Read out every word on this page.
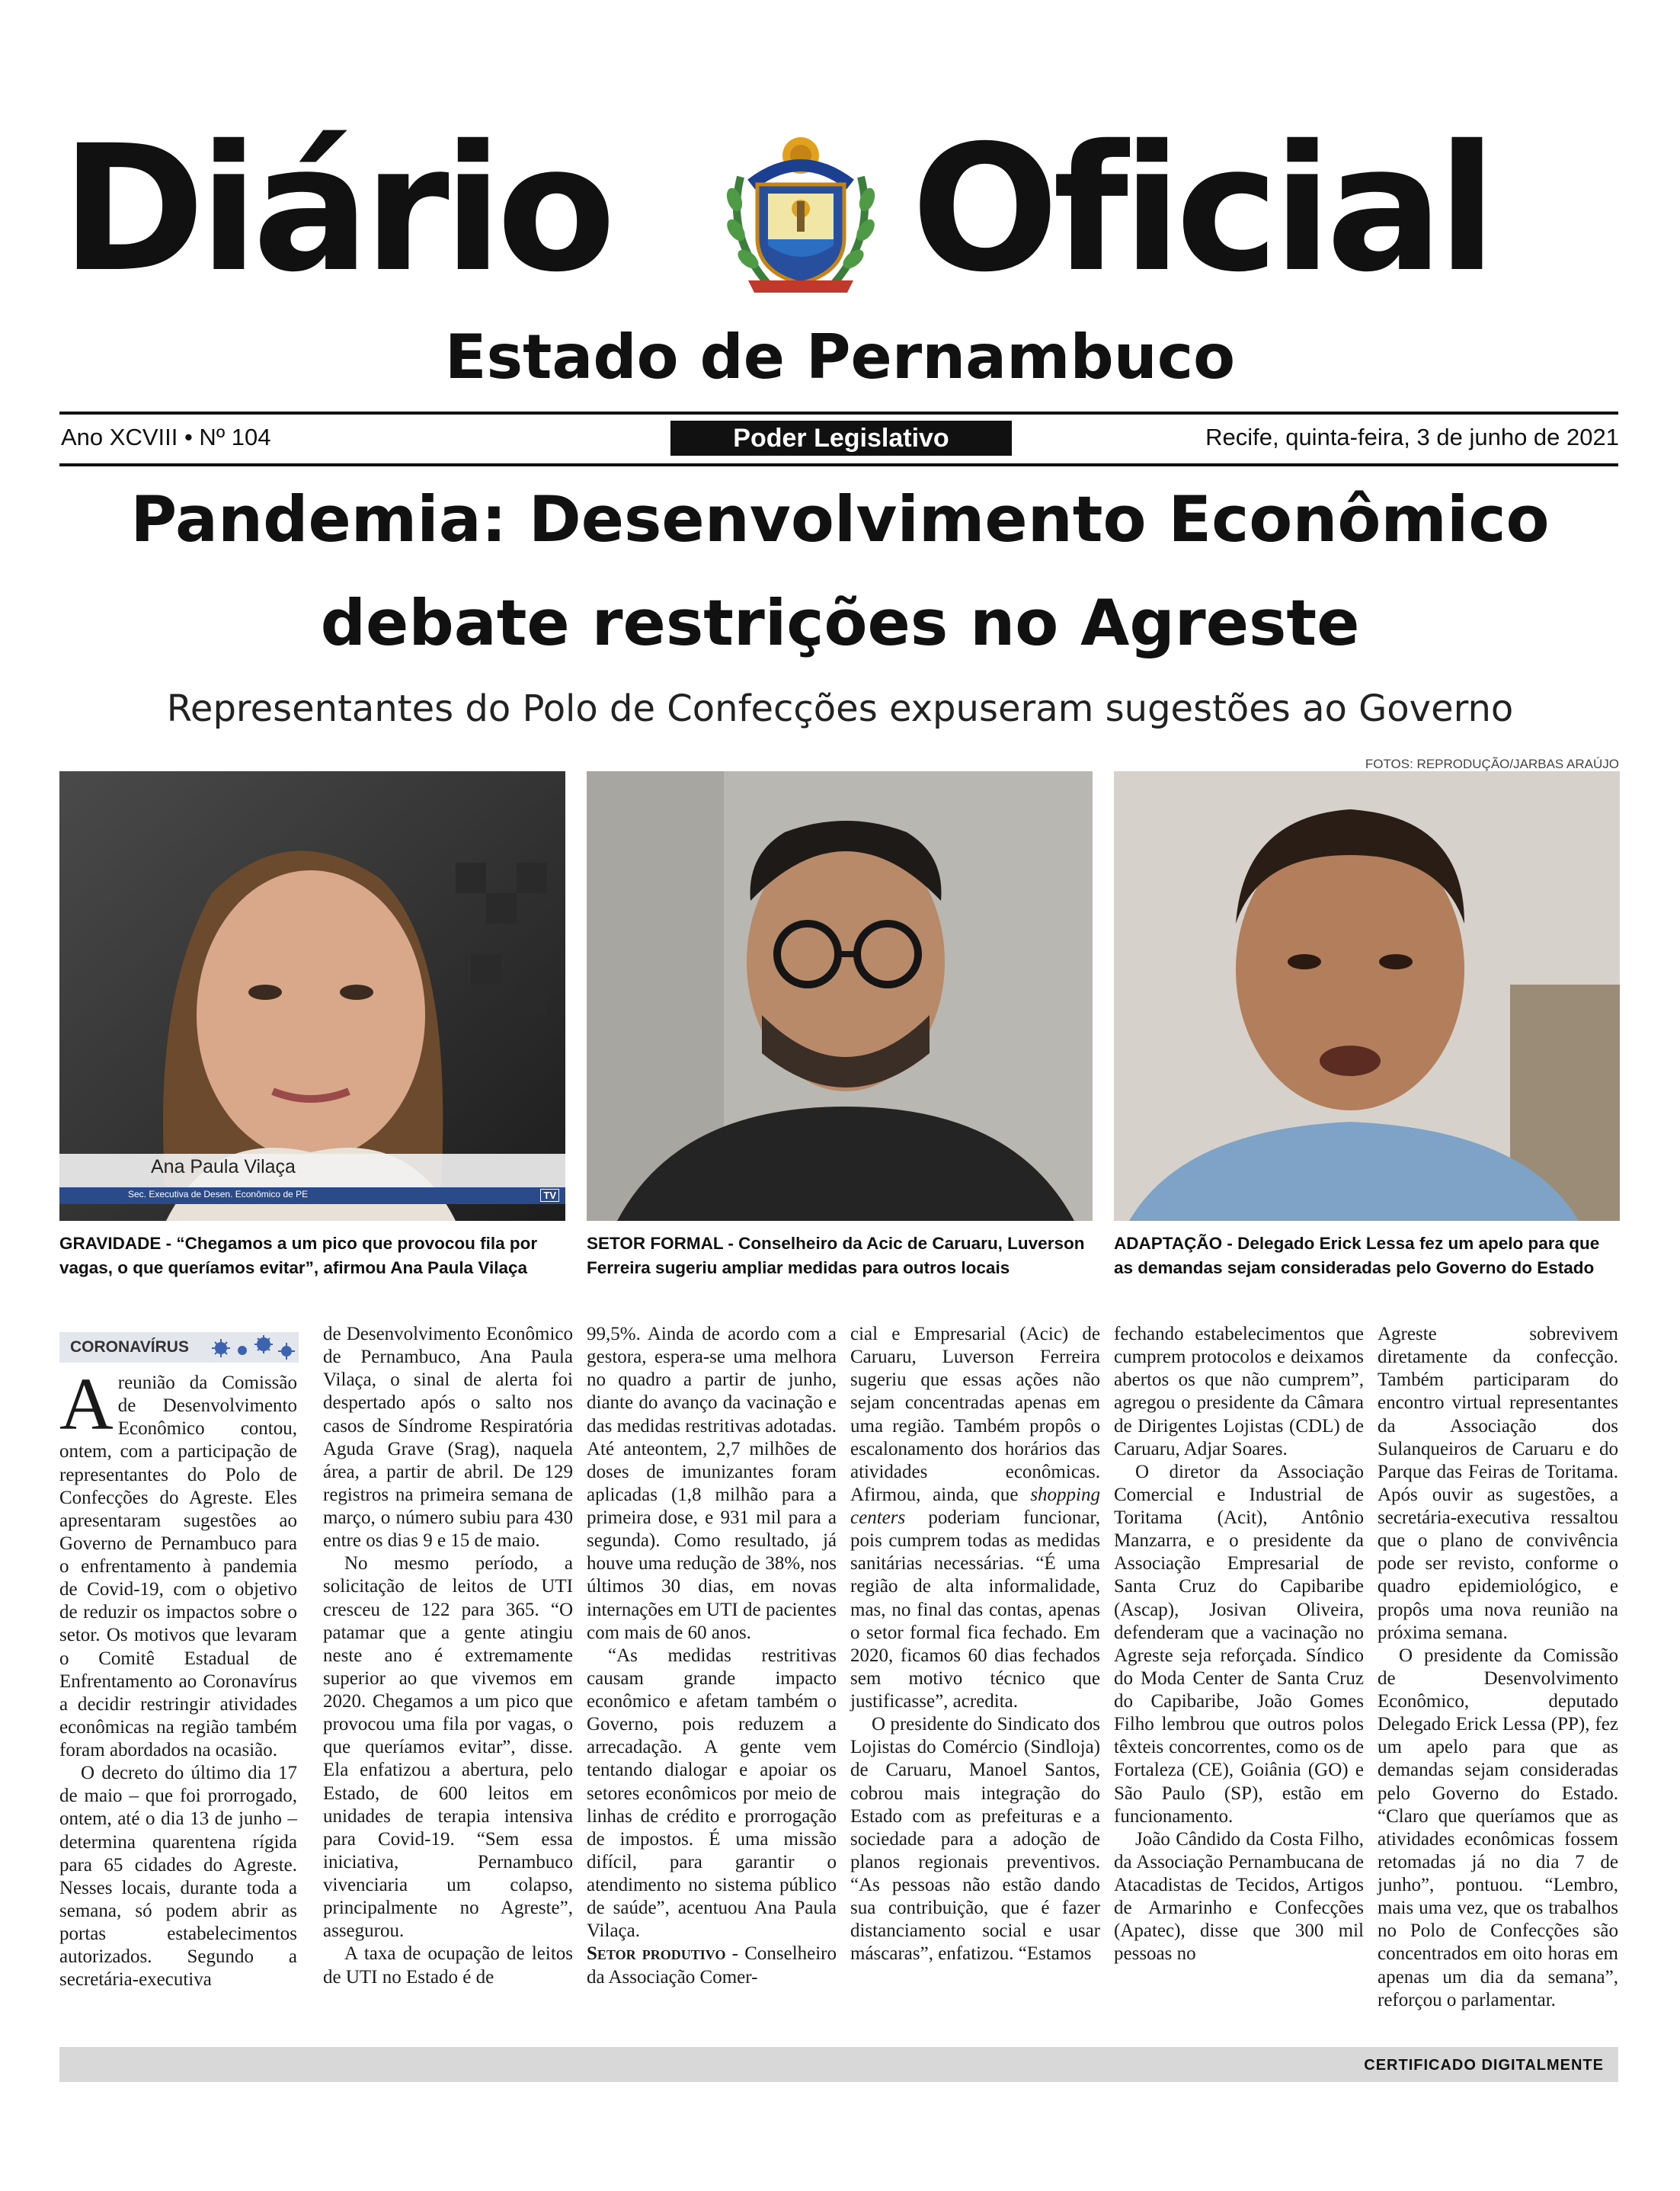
Diário Oficial
Estado de Pernambuco
Ano XCVIII • Nº 104	Poder Legislativo	Recife, quinta-feira, 3 de junho de 2021
Pandemia: Desenvolvimento Econômico
debate restrições no Agreste
Representantes do Polo de Confecções expuseram sugestões ao Governo
FOTOS: REPRODUÇÃO/JARBAS ARAÚJO
Ana Paula Vilaça
Sec. Executiva de Desen. Econômico de PE	TV
GRAVIDADE - “Chegamos a um pico que provocou fila por vagas, o que queríamos evitar”, afirmou Ana Paula Vilaça
SETOR FORMAL - Conselheiro da Acic de Caruaru, Luverson Ferreira sugeriu ampliar medidas para outros locais
ADAPTAÇÃO - Delegado Erick Lessa fez um apelo para que as demandas sejam consideradas pelo Governo do Estado
CORONAVÍRUS

A reunião da Comissão de Desenvolvimento Econômico contou, ontem, com a participação de representantes do Polo de Confecções do Agreste. Eles apresentaram sugestões ao Governo de Pernambuco para o enfrentamento à pandemia de Covid-19, com o objetivo de reduzir os impactos sobre o setor. Os motivos que levaram o Comitê Estadual de Enfrentamento ao Coronavírus a decidir restringir atividades econômicas na região também foram abordados na ocasião.

O decreto do último dia 17 de maio – que foi prorrogado, ontem, até o dia 13 de junho – determina quarentena rígida para 65 cidades do Agreste. Nesses locais, durante toda a semana, só podem abrir as portas estabelecimentos autorizados. Segundo a secretária-executiva

de Desenvolvimento Econômico de Pernambuco, Ana Paula Vilaça, o sinal de alerta foi despertado após o salto nos casos de Síndrome Respiratória Aguda Grave (Srag), naquela área, a partir de abril. De 129 registros na primeira semana de março, o número subiu para 430 entre os dias 9 e 15 de maio.

No mesmo período, a solicitação de leitos de UTI cresceu de 122 para 365. “O patamar que a gente atingiu neste ano é extremamente superior ao que vivemos em 2020. Chegamos a um pico que provocou uma fila por vagas, o que queríamos evitar”, disse. Ela enfatizou a abertura, pelo Estado, de 600 leitos em unidades de terapia intensiva para Covid-19. “Sem essa iniciativa, Pernambuco vivenciaria um colapso, principalmente no Agreste”, assegurou.

A taxa de ocupação de leitos de UTI no Estado é de

99,5%. Ainda de acordo com a gestora, espera-se uma melhora no quadro a partir de junho, diante do avanço da vacinação e das medidas restritivas adotadas. Até anteontem, 2,7 milhões de doses de imunizantes foram aplicadas (1,8 milhão para a primeira dose, e 931 mil para a segunda). Como resultado, já houve uma redução de 38%, nos últimos 30 dias, em novas internações em UTI de pacientes com mais de 60 anos.

“As medidas restritivas causam grande impacto econômico e afetam também o Governo, pois reduzem a arrecadação. A gente vem tentando dialogar e apoiar os setores econômicos por meio de linhas de crédito e prorrogação de impostos. É uma missão difícil, para garantir o atendimento no sistema público de saúde”, acentuou Ana Paula Vilaça.

Setor produtivo - Conselheiro da Associação Comer-

cial e Empresarial (Acic) de Caruaru, Luverson Ferreira sugeriu que essas ações não sejam concentradas apenas em uma região. Também propôs o escalonamento dos horários das atividades econômicas. Afirmou, ainda, que shopping centers poderiam funcionar, pois cumprem todas as medidas sanitárias necessárias. “É uma região de alta informalidade, mas, no final das contas, apenas o setor formal fica fechado. Em 2020, ficamos 60 dias fechados sem motivo técnico que justificasse”, acredita.

O presidente do Sindicato dos Lojistas do Comércio (Sindloja) de Caruaru, Manoel Santos, cobrou mais integração do Estado com as prefeituras e a sociedade para a adoção de planos regionais preventivos. “As pessoas não estão dando sua contribuição, que é fazer distanciamento social e usar máscaras”, enfatizou. “Estamos

fechando estabelecimentos que cumprem protocolos e deixamos abertos os que não cumprem”, agregou o presidente da Câmara de Dirigentes Lojistas (CDL) de Caruaru, Adjar Soares.

O diretor da Associação Comercial e Industrial de Toritama (Acit), Antônio Manzarra, e o presidente da Associação Empresarial de Santa Cruz do Capibaribe (Ascap), Josivan Oliveira, defenderam que a vacinação no Agreste seja reforçada. Síndico do Moda Center de Santa Cruz do Capibaribe, João Gomes Filho lembrou que outros polos têxteis concorrentes, como os de Fortaleza (CE), Goiânia (GO) e São Paulo (SP), estão em funcionamento.

João Cândido da Costa Filho, da Associação Pernambucana de Atacadistas de Tecidos, Artigos de Armarinho e Confecções (Apatec), disse que 300 mil pessoas no

Agreste sobrevivem diretamente da confecção. Também participaram do encontro virtual representantes da Associação dos Sulanqueiros de Caruaru e do Parque das Feiras de Toritama. Após ouvir as sugestões, a secretária-executiva ressaltou que o plano de convivência pode ser revisto, conforme o quadro epidemiológico, e propôs uma nova reunião na próxima semana.

O presidente da Comissão de Desenvolvimento Econômico, deputado Delegado Erick Lessa (PP), fez um apelo para que as demandas sejam consideradas pelo Governo do Estado. “Claro que queríamos que as atividades econômicas fossem retomadas já no dia 7 de junho”, pontuou. “Lembro, mais uma vez, que os trabalhos no Polo de Confecções são concentrados em oito horas em apenas um dia da semana”, reforçou o parlamentar.

CERTIFICADO DIGITALMENTE
